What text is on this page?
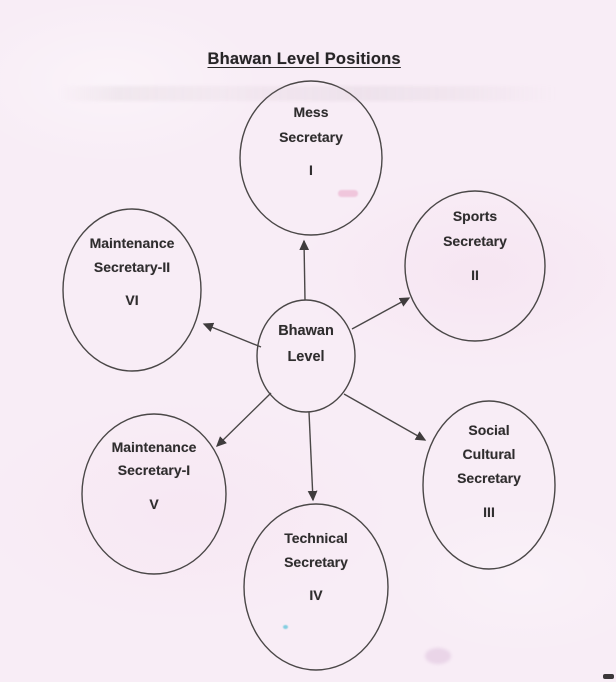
Bhawan Level Positions
Mess
Secretary
I
Sports
Secretary
II
Maintenance
Secretary-II
VI
Bhawan
Level
Social
Cultural
Secretary
III
Maintenance
Secretary-I
V
Technical
Secretary
IV
